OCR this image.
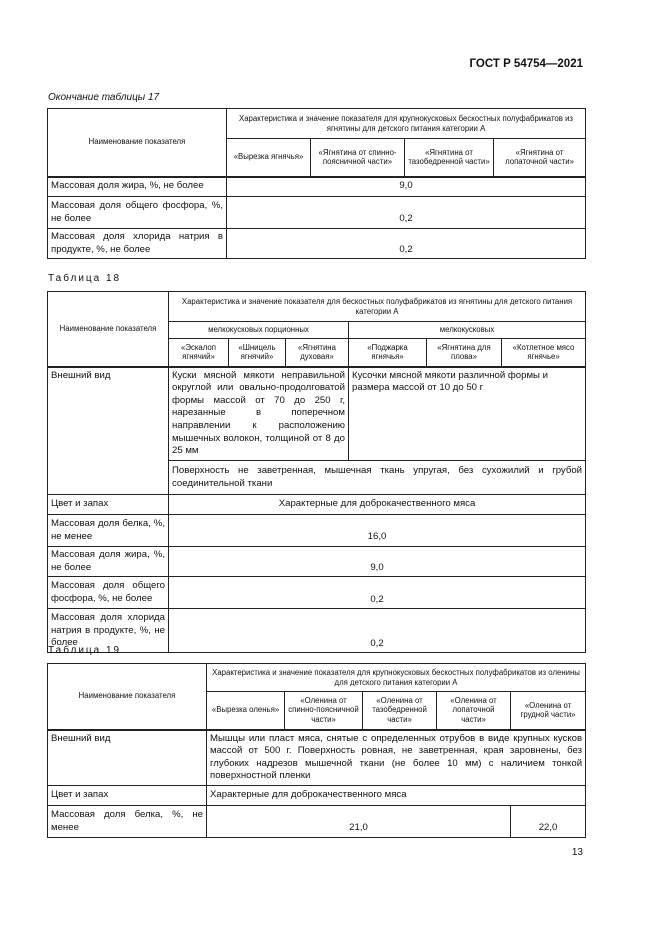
ГОСТ Р 54754—2021
Окончание таблицы 17
Наименование показателя	Характеристика и значение показателя для крупнокусковых бескостных полуфабрикатов из ягнятины для детского питания категории А			
	«Вырезка ягнячья»	«Ягнятина от спинно-поясничной части»	«Ягнятина от тазобедренной части»	«Ягнятина от лопаточной части»
Массовая доля жира, %, не более	9,0			
Массовая доля общего фосфора, %, не более	0,2			
Массовая доля хлорида натрия в продукте, %, не более	0,2			
Таблица 18
Наименование показателя	Характеристика и значение показателя для бескостных полуфабрикатов из ягнятины для детского питания категории А					
	мелкокусковых порционных			мелкокусковых		
	«Эскалоп ягнячий»	«Шницель ягнячий»	«Ягнятина духовая»	«Поджарка ягнячья»	«Ягнятина для плова»	«Котлетное мясо ягнячье»
Внешний вид	Куски мясной мякоти неправильной округлой или овально-продолговатой формы массой от 70 до 250 г, нарезанные в поперечном направлении к расположению мышечных волокон, толщиной от 8 до 25 мм			Кусочки мясной мякоти различной формы и размера массой от 10 до 50 г		
	Поверхность не заветренная, мышечная ткань упругая, без сухожилий и грубой соединительной ткани					
Цвет и запах	Характерные для доброкачественного мяса					
Массовая доля белка, %, не менее	16,0					
Массовая доля жира, %, не более	9,0					
Массовая доля общего фосфора, %, не более	0,2					
Массовая доля хлорида натрия в продукте, %, не более	0,2					
Таблица 19
Наименование показателя	Характеристика и значение показателя для крупнокусковых бескостных полуфабрикатов из оленины для детского питания категории А				
	«Вырезка оленья»	«Оленина от спинно-поясничной части»	«Оленина от тазобедренной части»	«Оленина от лопаточной части»	«Оленина от грудной части»
Внешний вид	Мышцы или пласт мяса, снятые с определенных отрубов в виде крупных кусков массой от 500 г. Поверхность ровная, не заветренная, края заровнены, без глубоких надрезов мышечной ткани (не более 10 мм) с наличием тонкой поверхностной пленки				
Цвет и запах	Характерные для доброкачественного мяса				
Массовая доля белка, %, не менее	21,0				22,0
13
